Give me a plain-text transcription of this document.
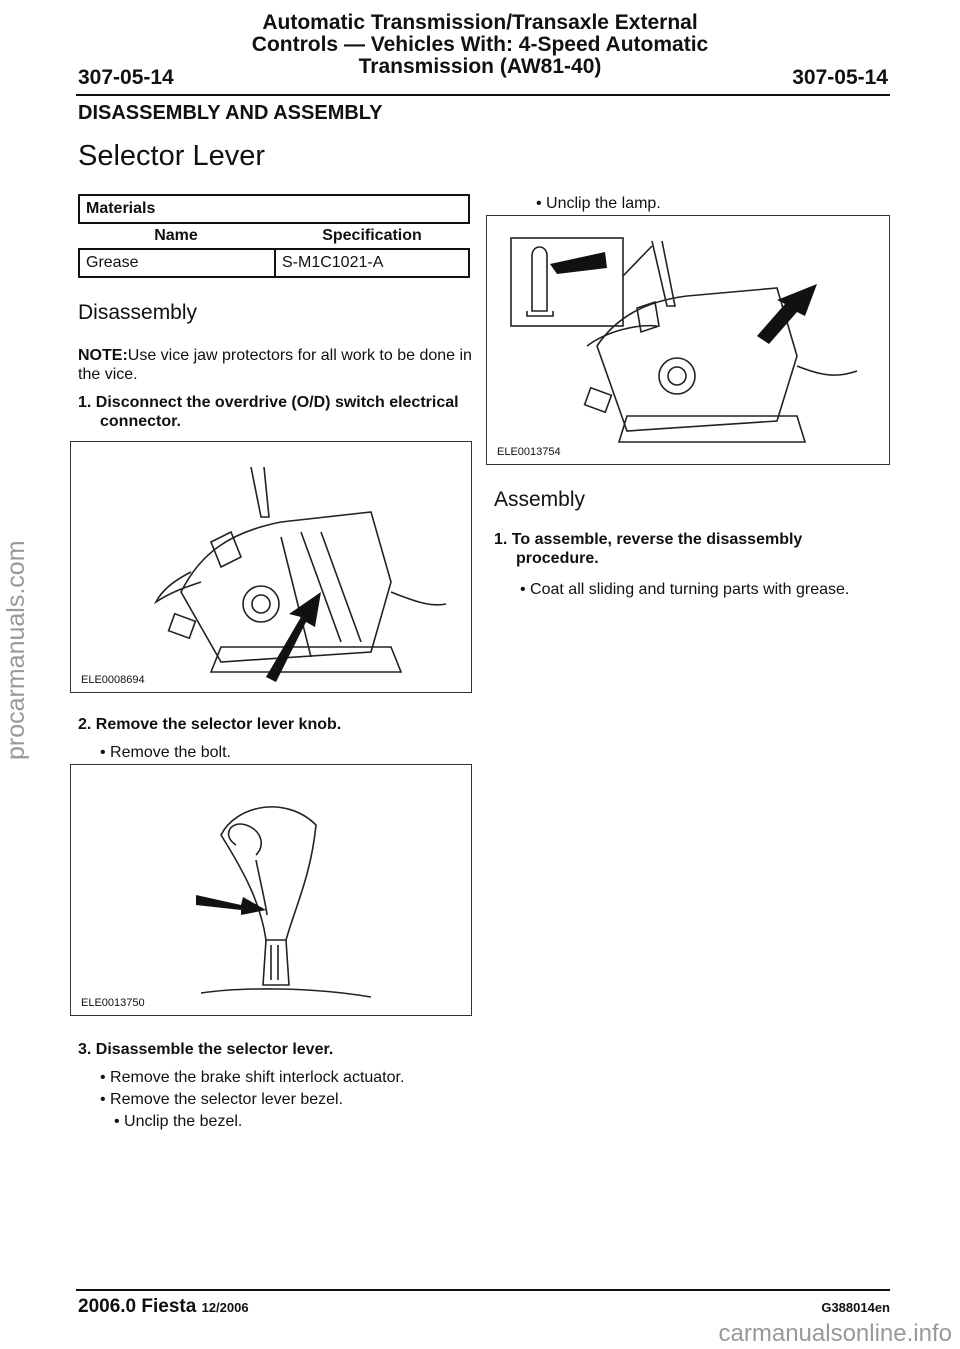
Automatic Transmission/Transaxle External
Controls — Vehicles With: 4-Speed Automatic
Transmission (AW81-40)
307-05-14	307-05-14
DISASSEMBLY AND ASSEMBLY
Selector Lever
Materials
Name	Specification
Grease	S-M1C1021-A
Disassembly
NOTE:Use vice jaw protectors for all work to be done in the vice.
1. Disconnect the overdrive (O/D) switch electrical connector.
ELE0008694
2. Remove the selector lever knob.
• Remove the bolt.
ELE0013750
3. Disassemble the selector lever.
• Remove the brake shift interlock actuator.
• Remove the selector lever bezel.
• Unclip the bezel.
• Unclip the lamp.
ELE0013754
Assembly
1. To assemble, reverse the disassembly procedure.
• Coat all sliding and turning parts with grease.
2006.0 Fiesta 12/2006	G388014en
procarmanuals.com
carmanualsonline.info
